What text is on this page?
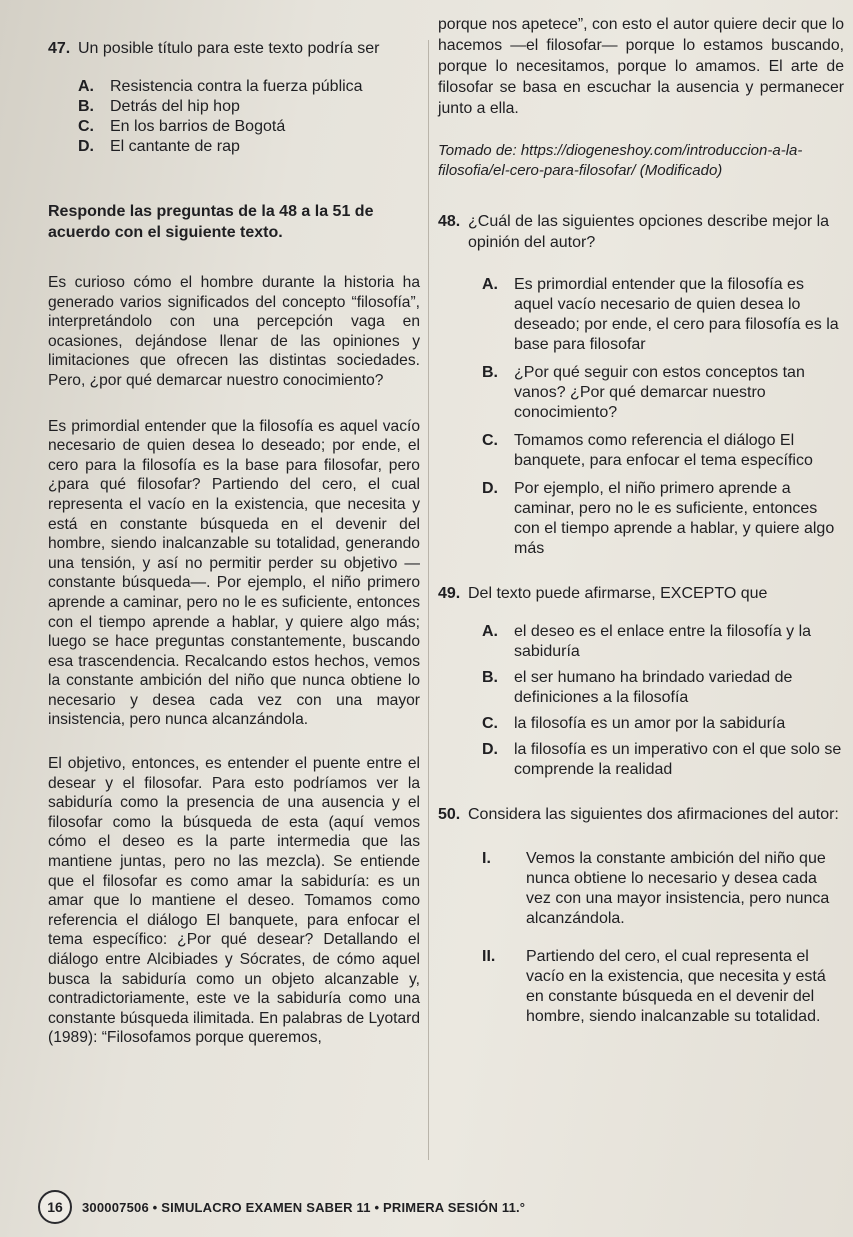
47. Un posible título para este texto podría ser
A.	Resistencia contra la fuerza pública
B.	Detrás del hip hop
C.	En los barrios de Bogotá
D.	El cantante de rap

Responde las preguntas de la 48 a la 51 de acuerdo con el siguiente texto.

Es curioso cómo el hombre durante la historia ha generado varios significados del concepto “filosofía”, interpretándolo con una percepción vaga en ocasiones, dejándose llenar de las opiniones y limitaciones que ofrecen las distintas sociedades. Pero, ¿por qué demarcar nuestro conocimiento?

Es primordial entender que la filosofía es aquel vacío necesario de quien desea lo deseado; por ende, el cero para la filosofía es la base para filosofar, pero ¿para qué filosofar? Partiendo del cero, el cual representa el vacío en la existencia, que necesita y está en constante búsqueda en el devenir del hombre, siendo inalcanzable su totalidad, generando una tensión, y así no permitir perder su objetivo —constante búsqueda—. Por ejemplo, el niño primero aprende a caminar, pero no le es suficiente, entonces con el tiempo aprende a hablar, y quiere algo más; luego se hace preguntas constantemente, buscando esa trascendencia. Recalcando estos hechos, vemos la constante ambición del niño que nunca obtiene lo necesario y desea cada vez con una mayor insistencia, pero nunca alcanzándola.

El objetivo, entonces, es entender el puente entre el desear y el filosofar. Para esto podríamos ver la sabiduría como la presencia de una ausencia y el filosofar como la búsqueda de esta (aquí vemos cómo el deseo es la parte intermedia que las mantiene juntas, pero no las mezcla). Se entiende que el filosofar es como amar la sabiduría: es un amar que lo mantiene el deseo. Tomamos como referencia el diálogo El banquete, para enfocar el tema específico: ¿Por qué desear? Detallando el diálogo entre Alcibiades y Sócrates, de cómo aquel busca la sabiduría como un objeto alcanzable y, contradictoriamente, este ve la sabiduría como una constante búsqueda ilimitada. En palabras de Lyotard (1989): “Filosofamos porque queremos,

porque nos apetece”, con esto el autor quiere decir que lo hacemos —el filosofar— porque lo estamos buscando, porque lo necesitamos, porque lo amamos. El arte de filosofar se basa en escuchar la ausencia y permanecer junto a ella.

Tomado de: https://diogeneshoy.com/introduccion-a-la-filosofia/el-cero-para-filosofar/ (Modificado)

48. ¿Cuál de las siguientes opciones describe mejor la opinión del autor?
A.	Es primordial entender que la filosofía es aquel vacío necesario de quien desea lo deseado; por ende, el cero para filosofía es la base para filosofar
B.	¿Por qué seguir con estos conceptos tan vanos? ¿Por qué demarcar nuestro conocimiento?
C.	Tomamos como referencia el diálogo El banquete, para enfocar el tema específico
D.	Por ejemplo, el niño primero aprende a caminar, pero no le es suficiente, entonces con el tiempo aprende a hablar, y quiere algo más
49. Del texto puede afirmarse, EXCEPTO que
A.	el deseo es el enlace entre la filosofía y la sabiduría
B.	el ser humano ha brindado variedad de definiciones a la filosofía
C.	la filosofía es un amor por la sabiduría
D.	la filosofía es un imperativo con el que solo se comprende la realidad
50. Considera las siguientes dos afirmaciones del autor:
I.	Vemos la constante ambición del niño que nunca obtiene lo necesario y desea cada vez con una mayor insistencia, pero nunca alcanzándola.
II.	Partiendo del cero, el cual representa el vacío en la existencia, que necesita y está en constante búsqueda en el devenir del hombre, siendo inalcanzable su totalidad.
16	300007506 • SIMULACRO EXAMEN SABER 11 • PRIMERA SESIÓN 11.°
